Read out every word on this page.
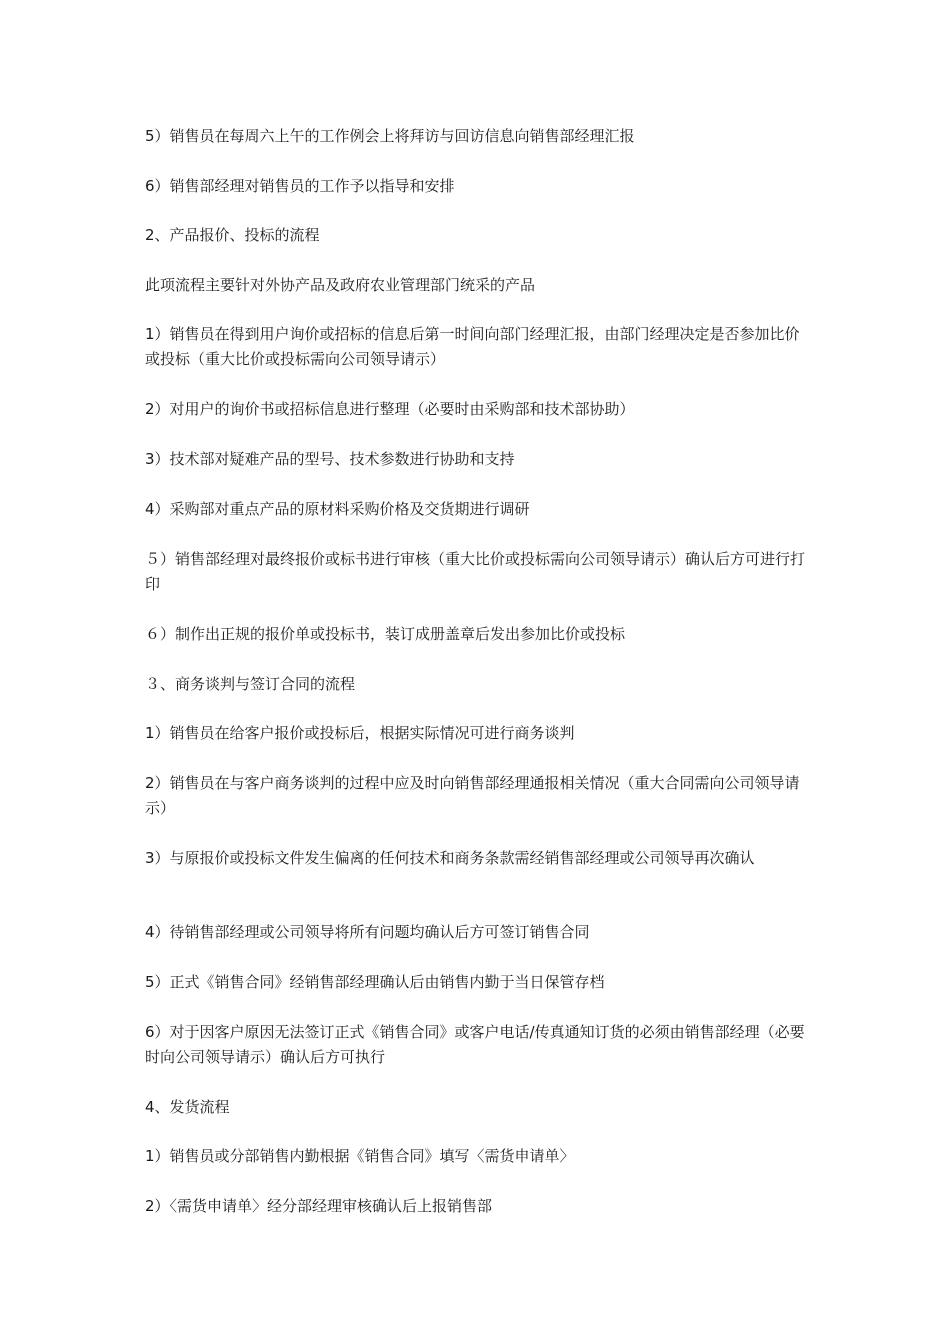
5）销售员在每周六上午的工作例会上将拜访与回访信息向销售部经理汇报

6）销售部经理对销售员的工作予以指导和安排

2、产品报价、投标的流程

此项流程主要针对外协产品及政府农业管理部门统采的产品

1）销售员在得到用户询价或招标的信息后第一时间向部门经理汇报，由部门经理决定是否参加比价或投标（重大比价或投标需向公司领导请示）

2）对用户的询价书或招标信息进行整理（必要时由采购部和技术部协助）

3）技术部对疑难产品的型号、技术参数进行协助和支持

4）采购部对重点产品的原材料采购价格及交货期进行调研

５）销售部经理对最终报价或标书进行审核（重大比价或投标需向公司领导请示）确认后方可进行打印

６）制作出正规的报价单或投标书，装订成册盖章后发出参加比价或投标

３、商务谈判与签订合同的流程

1）销售员在给客户报价或投标后，根据实际情况可进行商务谈判

2）销售员在与客户商务谈判的过程中应及时向销售部经理通报相关情况（重大合同需向公司领导请示）

3）与原报价或投标文件发生偏离的任何技术和商务条款需经销售部经理或公司领导再次确认

4）待销售部经理或公司领导将所有问题均确认后方可签订销售合同

5）正式《销售合同》经销售部经理确认后由销售内勤于当日保管存档

6）对于因客户原因无法签订正式《销售合同》或客户电话/传真通知订货的必须由销售部经理（必要时向公司领导请示）确认后方可执行

4、发货流程

1）销售员或分部销售内勤根据《销售合同》填写〈需货申请单〉

2）〈需货申请单〉经分部经理审核确认后上报销售部
